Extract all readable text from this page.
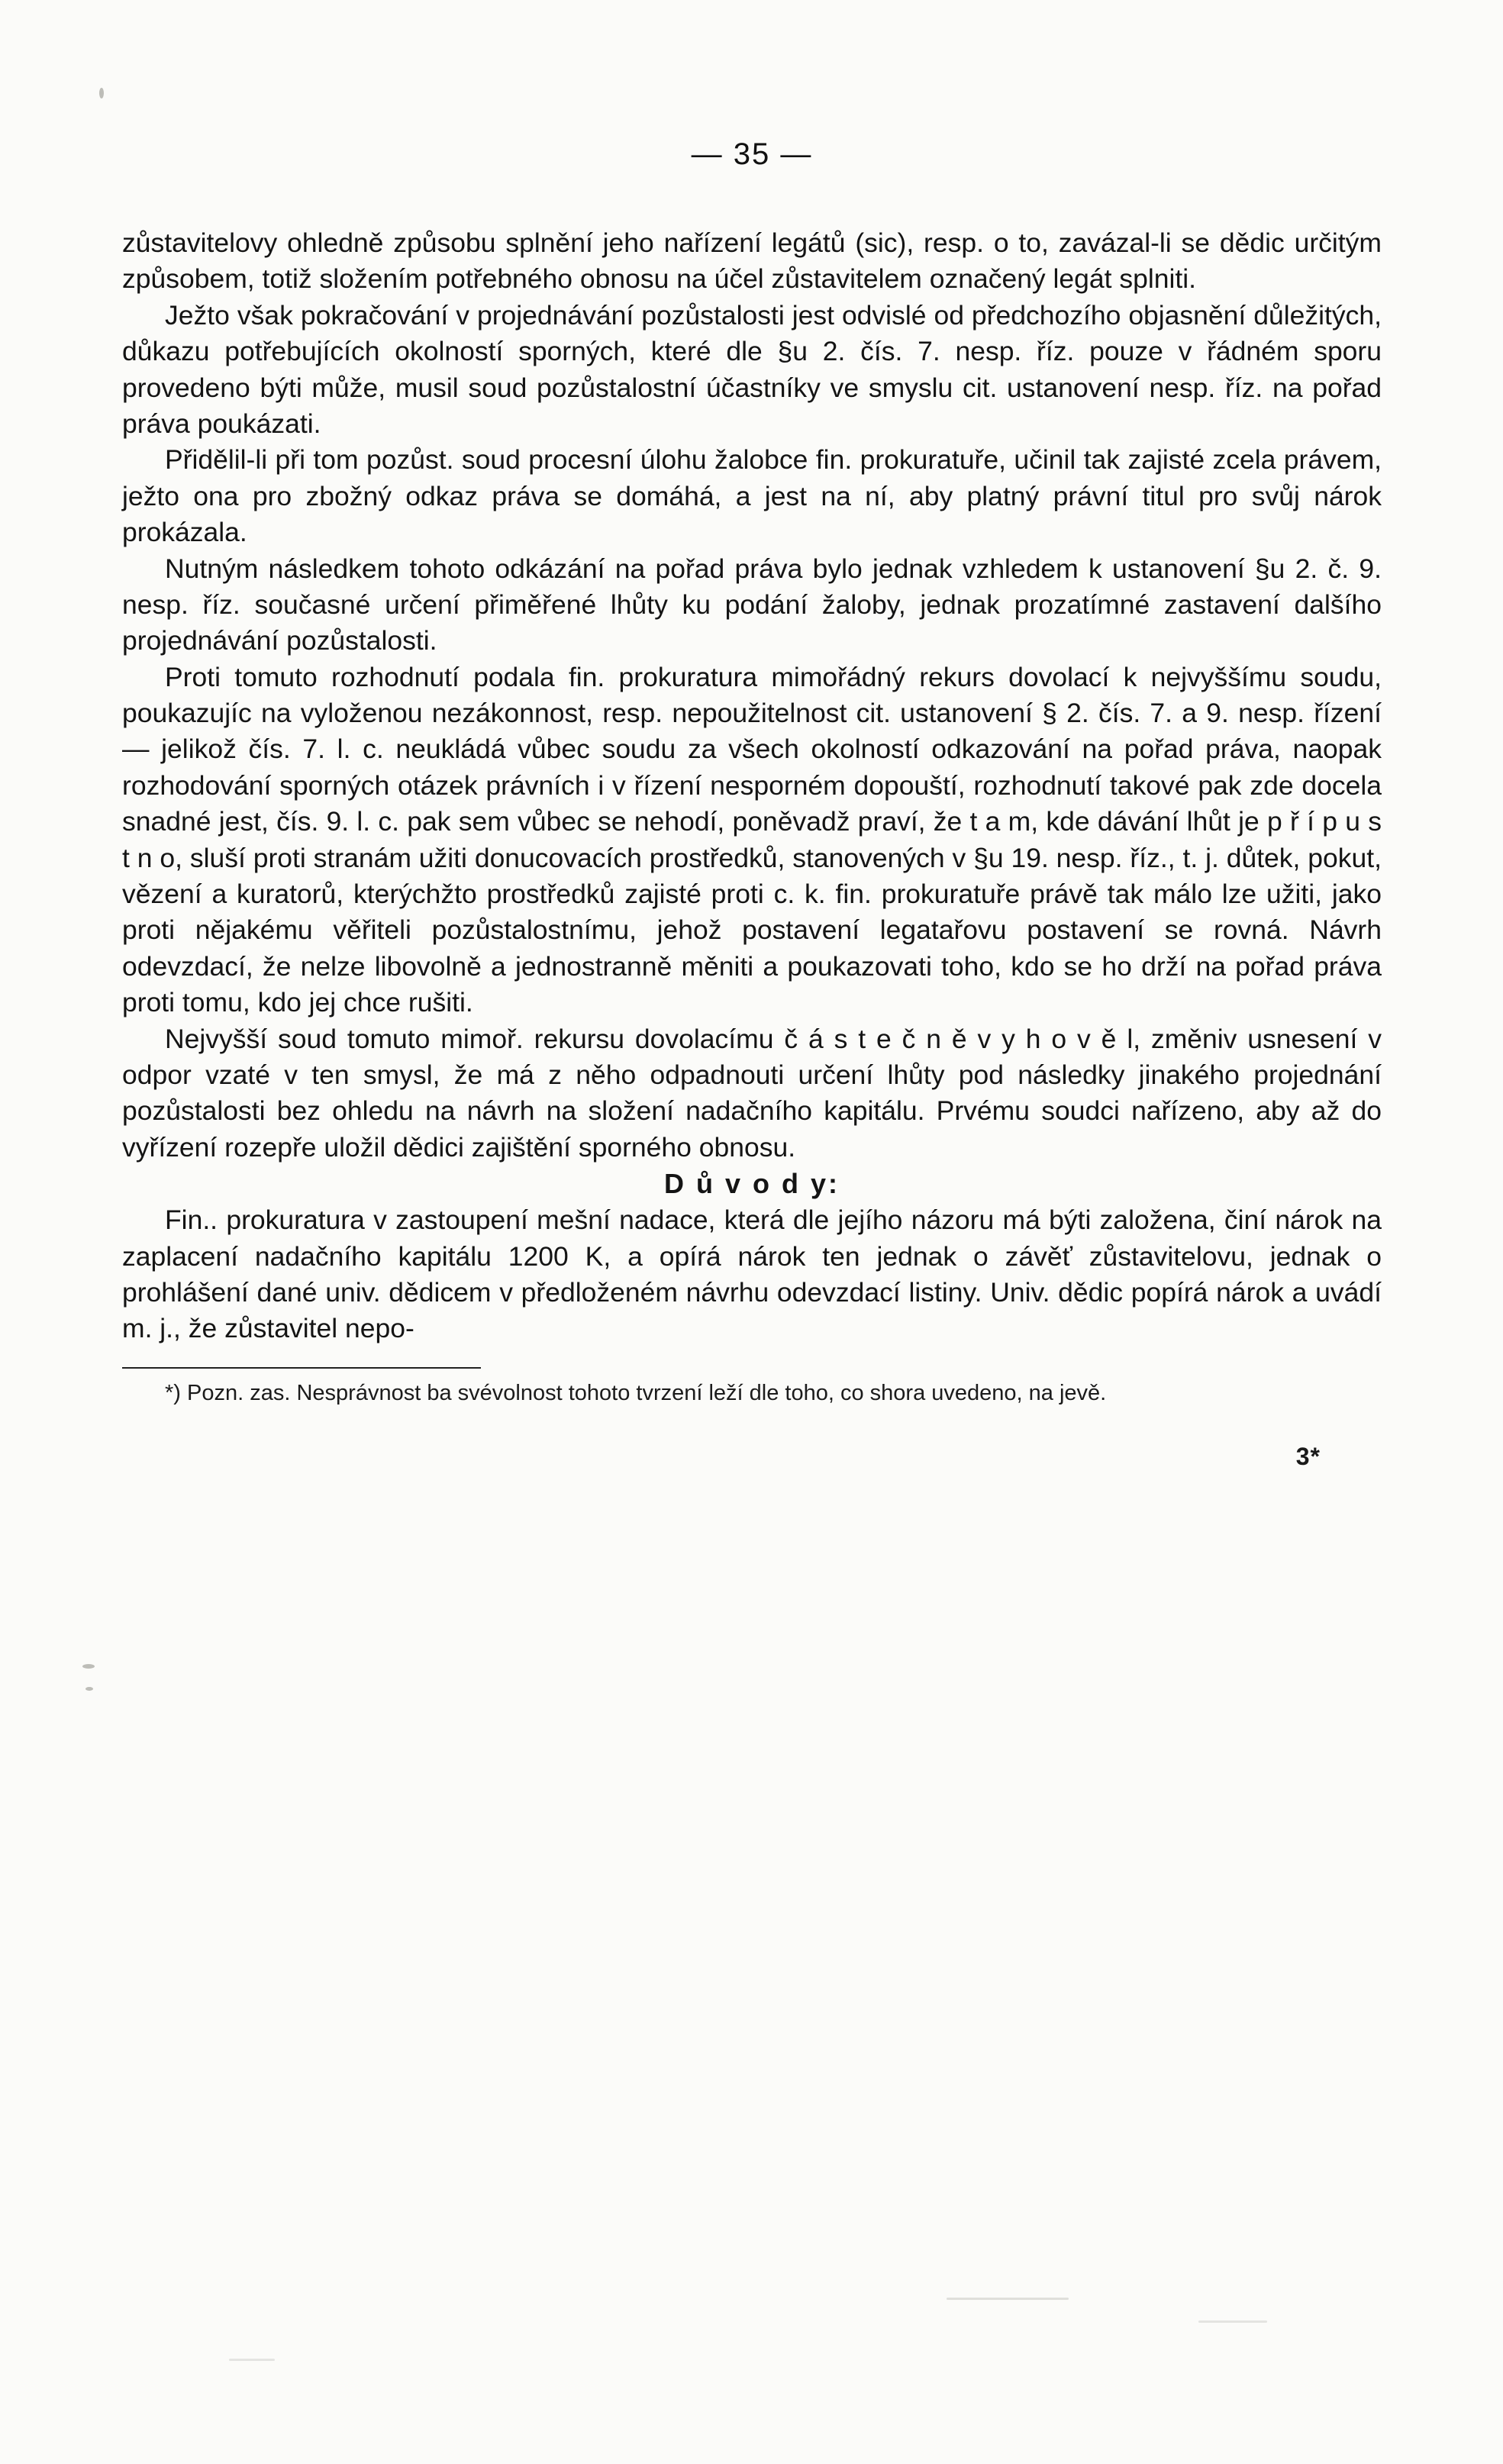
— 35 —

zůstavitelovy ohledně způsobu splnění jeho nařízení legátů (sic), resp. o to, zavázal-li se dědic určitým způsobem, totiž složením potřebného obnosu na účel zůstavitelem označený legát splniti.

Ježto však pokračování v projednávání pozůstalosti jest odvislé od předchozího objasnění důležitých, důkazu potřebujících okolností sporných, které dle §u 2. čís. 7. nesp. říz. pouze v řádném sporu provedeno býti může, musil soud pozůstalostní účastníky ve smyslu cit. ustanovení nesp. říz. na pořad práva poukázati.

Přidělil-li při tom pozůst. soud procesní úlohu žalobce fin. prokuratuře, učinil tak zajisté zcela právem, ježto ona pro zbožný odkaz práva se domáhá, a jest na ní, aby platný právní titul pro svůj nárok prokázala.

Nutným následkem tohoto odkázání na pořad práva bylo jednak vzhledem k ustanovení §u 2. č. 9. nesp. říz. současné určení přiměřené lhůty ku podání žaloby, jednak prozatímné zastavení dalšího projednávání pozůstalosti.

Proti tomuto rozhodnutí podala fin. prokuratura mimořádný rekurs dovolací k nejvyššímu soudu, poukazujíc na vyloženou nezákonnost, resp. nepoužitelnost cit. ustanovení § 2. čís. 7. a 9. nesp. řízení — jelikož čís. 7. l. c. neukládá vůbec soudu za všech okolností odkazování na pořad práva, naopak rozhodování sporných otázek právních i v řízení nesporném dopouští, rozhodnutí takové pak zde docela snadné jest, čís. 9. l. c. pak sem vůbec se nehodí, poněvadž praví, že t a m, kde dávání lhůt je p ř í p u s t n o, sluší proti stranám užiti donucovacích prostředků, stanovených v §u 19. nesp. říz., t. j. důtek, pokut, vězení a kuratorů, kterýchžto prostředků zajisté proti c. k. fin. prokuratuře právě tak málo lze užiti, jako proti nějakému věřiteli pozůstalostnímu, jehož postavení legatařovu postavení se rovná. Návrh odevzdací, že nelze libovolně a jednostranně měniti a poukazovati toho, kdo se ho drží na pořad práva proti tomu, kdo jej chce rušiti.

Nejvyšší soud tomuto mimoř. rekursu dovolacímu č á s t e č n ě v y h o v ě l, změniv usnesení v odpor vzaté v ten smysl, že má z něho odpadnouti určení lhůty pod následky jinakého projednání pozůstalosti bez ohledu na návrh na složení nadačního kapitálu. Prvému soudci nařízeno, aby až do vyřízení rozepře uložil dědici zajištění sporného obnosu.

D ů v o d y:

Fin.. prokuratura v zastoupení mešní nadace, která dle jejího názoru má býti založena, činí nárok na zaplacení nadačního kapitálu 1200 K, a opírá nárok ten jednak o závěť zůstavitelovu, jednak o prohlášení dané univ. dědicem v předloženém návrhu odevzdací listiny. Univ. dědic popírá nárok a uvádí m. j., že zůstavitel nepo-

*) Pozn. zas. Nesprávnost ba svévolnost tohoto tvrzení leží dle toho, co shora uvedeno, na jevě.
3*
